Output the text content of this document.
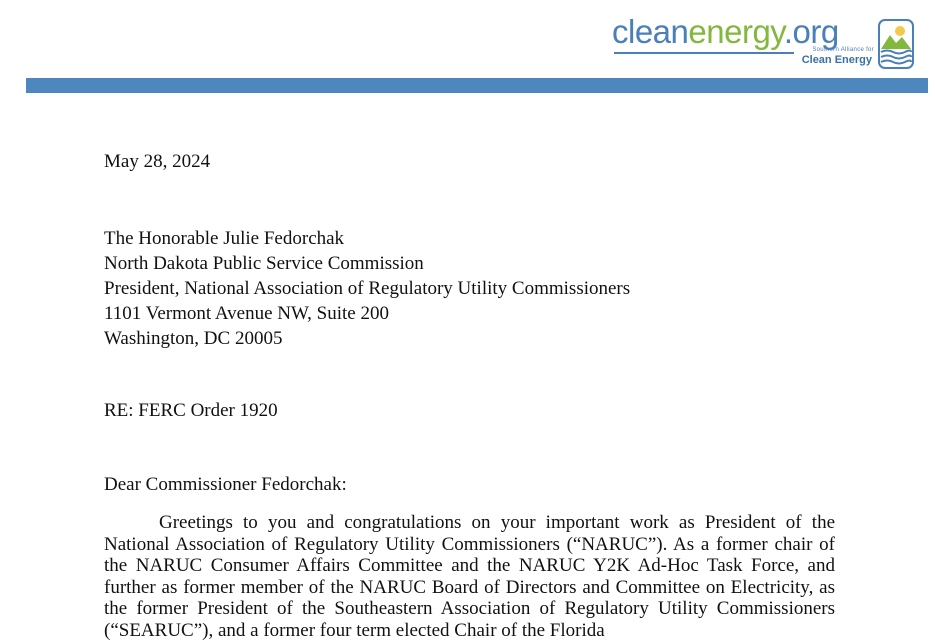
cleanenergy.org
Southern Alliance for
Clean Energy
May 28, 2024
The Honorable Julie Fedorchak
North Dakota Public Service Commission
President, National Association of Regulatory Utility Commissioners
1101 Vermont Avenue NW, Suite 200
Washington, DC 20005
RE: FERC Order 1920
Dear Commissioner Fedorchak:
Greetings to you and congratulations on your important work as President of the National Association of Regulatory Utility Commissioners (“NARUC”). As a former chair of the NARUC Consumer Affairs Committee and the NARUC Y2K Ad-Hoc Task Force, and further as former member of the NARUC Board of Directors and Committee on Electricity, as the former President of the Southeastern Association of Regulatory Utility Commissioners (“SEARUC”), and a former four term elected Chair of the Florida
